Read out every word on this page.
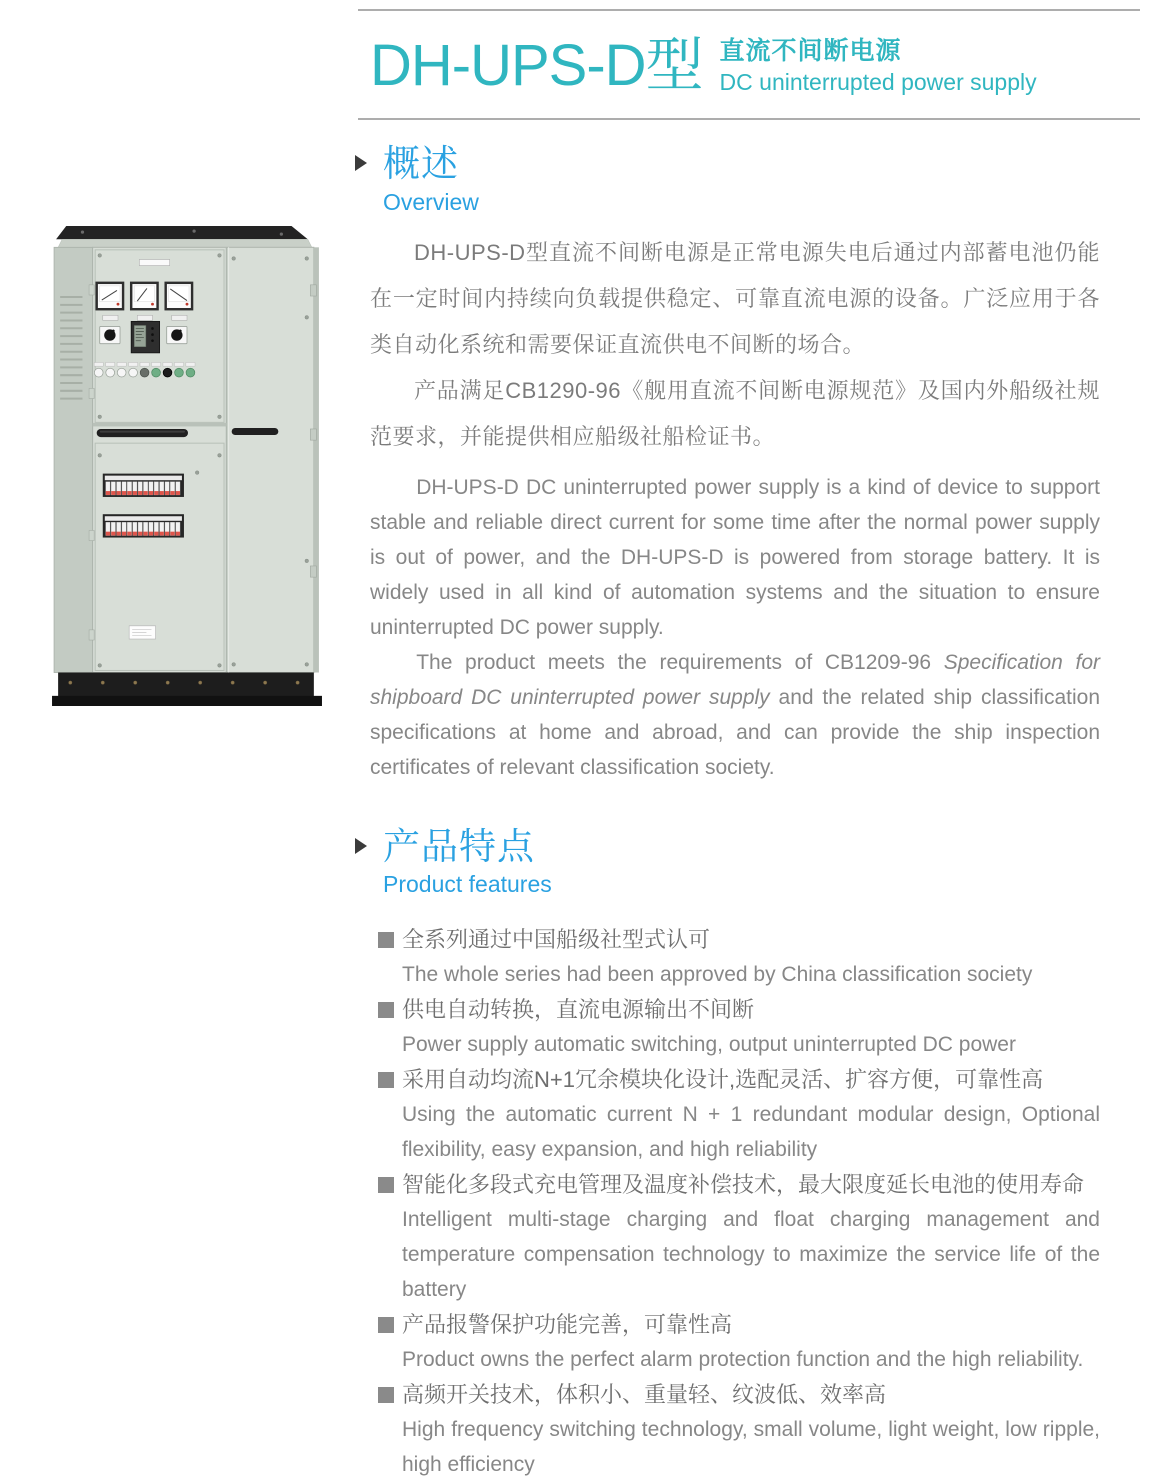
DH-UPS-D型 直流不间断电源
DC uninterrupted power supply
概述
Overview

DH-UPS-D型直流不间断电源是正常电源失电后通过内部蓄电池仍能在一定时间内持续向负载提供稳定、可靠直流电源的设备。广泛应用于各类自动化系统和需要保证直流供电不间断的场合。

产品满足CB1290-96《舰用直流不间断电源规范》及国内外船级社规范要求，并能提供相应船级社船检证书。

DH-UPS-D DC uninterrupted power supply is a kind of device to support stable and reliable direct current for some time after the normal power supply is out of power, and the DH-UPS-D is powered from storage battery. It is widely used in all kind of automation systems and the situation to ensure uninterrupted DC power supply.

The product meets the requirements of CB1209-96 Specification for shipboard DC uninterrupted power supply and the related ship classification specifications at home and abroad, and can provide the ship inspection certificates of relevant classification society.

产品特点
Product features
全系列通过中国船级社型式认可
The whole series had been approved by China classification society
供电自动转换，直流电源输出不间断
Power supply automatic switching, output uninterrupted DC power
采用自动均流N+1冗余模块化设计,选配灵活、扩容方便，可靠性高
Using the automatic current N + 1 redundant modular design, Optional flexibility, easy expansion, and high reliability
智能化多段式充电管理及温度补偿技术，最大限度延长电池的使用寿命
Intelligent multi-stage charging and float charging management and temperature compensation technology to maximize the service life of the battery
产品报警保护功能完善，可靠性高
Product owns the perfect alarm protection function and the high reliability.
高频开关技术，体积小、重量轻、纹波低、效率高
High frequency switching technology, small volume, light weight, low ripple, high efficiency
